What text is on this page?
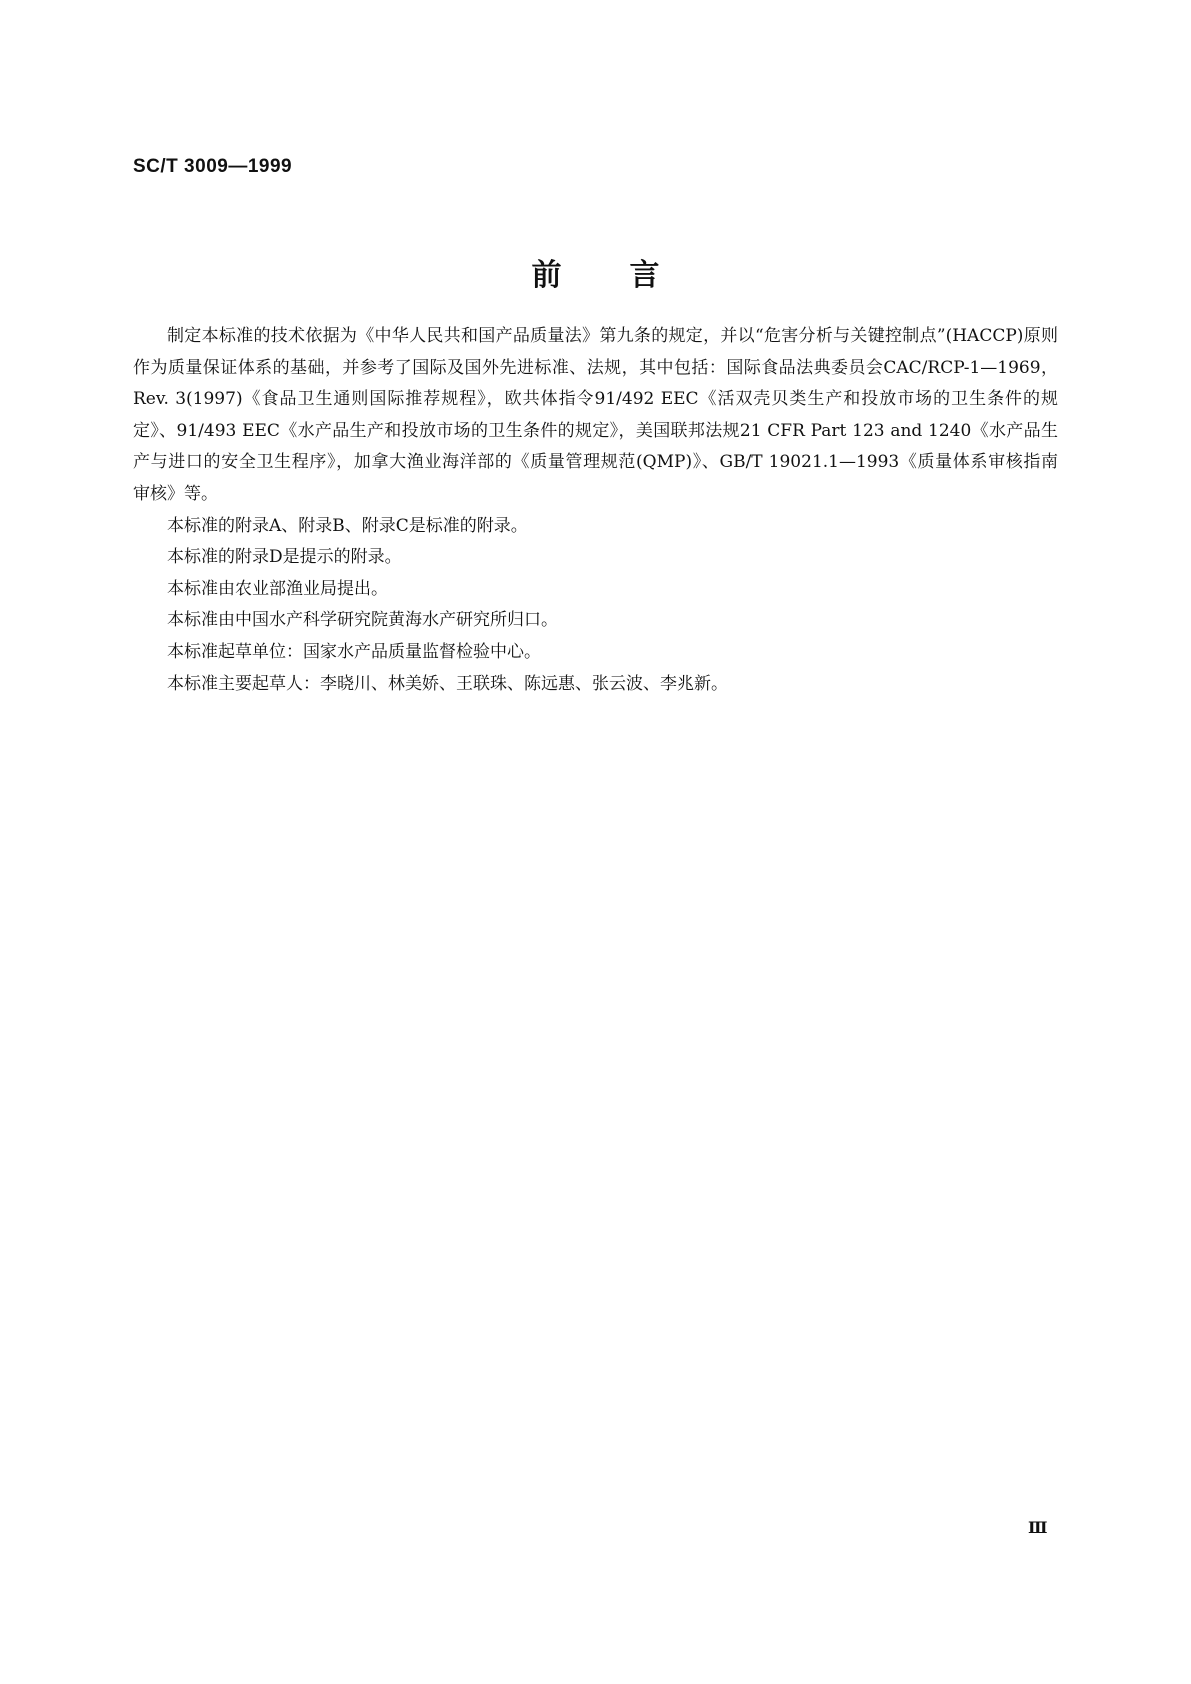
SC/T 3009—1999
前言

制定本标准的技术依据为《中华人民共和国产品质量法》第九条的规定，并以“危害分析与关键控制点”(HACCP)原则作为质量保证体系的基础，并参考了国际及国外先进标准、法规，其中包括：国际食品法典委员会CAC/RCP-1—1969，Rev. 3(1997)《食品卫生通则国际推荐规程》，欧共体指令91/492 EEC《活双壳贝类生产和投放市场的卫生条件的规定》、91/493 EEC《水产品生产和投放市场的卫生条件的规定》，美国联邦法规21 CFR Part 123 and 1240《水产品生产与进口的安全卫生程序》，加拿大渔业海洋部的《质量管理规范(QMP)》、GB/T 19021.1—1993《质量体系审核指南　审核》等。

本标准的附录A、附录B、附录C是标准的附录。

本标准的附录D是提示的附录。

本标准由农业部渔业局提出。

本标准由中国水产科学研究院黄海水产研究所归口。

本标准起草单位：国家水产品质量监督检验中心。

本标准主要起草人：李晓川、林美娇、王联珠、陈远惠、张云波、李兆新。

Ⅲ
